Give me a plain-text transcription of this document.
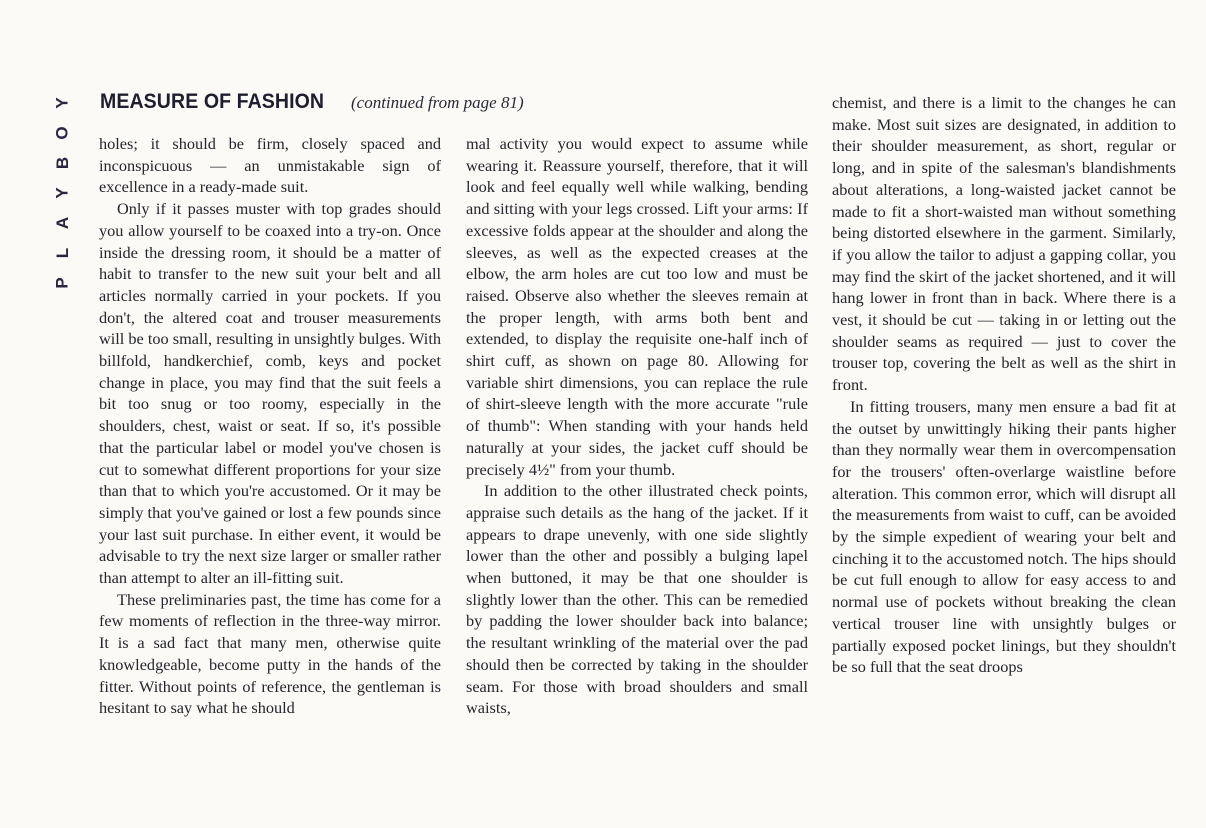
Y
O
B
Y
A
L
P
MEASURE OF FASHION (continued from page 81)

holes; it should be firm, closely spaced and inconspicuous — an unmistakable sign of excellence in a ready-made suit.

Only if it passes muster with top grades should you allow yourself to be coaxed into a try-on. Once inside the dressing room, it should be a matter of habit to transfer to the new suit your belt and all articles normally carried in your pockets. If you don't, the altered coat and trouser measurements will be too small, resulting in unsightly bulges. With billfold, handkerchief, comb, keys and pocket change in place, you may find that the suit feels a bit too snug or too roomy, especially in the shoulders, chest, waist or seat. If so, it's possible that the particular label or model you've chosen is cut to somewhat different proportions for your size than that to which you're accustomed. Or it may be simply that you've gained or lost a few pounds since your last suit purchase. In either event, it would be advisable to try the next size larger or smaller rather than attempt to alter an ill-fitting suit.

These preliminaries past, the time has come for a few moments of reflection in the three-way mirror. It is a sad fact that many men, otherwise quite knowledgeable, become putty in the hands of the fitter. Without points of reference, the gentleman is hesitant to say what he should

mal activity you would expect to assume while wearing it. Reassure yourself, therefore, that it will look and feel equally well while walking, bending and sitting with your legs crossed. Lift your arms: If excessive folds appear at the shoulder and along the sleeves, as well as the expected creases at the elbow, the arm holes are cut too low and must be raised. Observe also whether the sleeves remain at the proper length, with arms both bent and extended, to display the requisite one-half inch of shirt cuff, as shown on page 80. Allowing for variable shirt dimensions, you can replace the rule of shirt-sleeve length with the more accurate "rule of thumb": When standing with your hands held naturally at your sides, the jacket cuff should be precisely 4½" from your thumb.

In addition to the other illustrated check points, appraise such details as the hang of the jacket. If it appears to drape unevenly, with one side slightly lower than the other and possibly a bulging lapel when buttoned, it may be that one shoulder is slightly lower than the other. This can be remedied by padding the lower shoulder back into balance; the resultant wrinkling of the material over the pad should then be corrected by taking in the shoulder seam. For those with broad shoulders and small waists,

chemist, and there is a limit to the changes he can make. Most suit sizes are designated, in addition to their shoulder measurement, as short, regular or long, and in spite of the salesman's blandishments about alterations, a long-waisted jacket cannot be made to fit a short-waisted man without something being distorted elsewhere in the garment. Similarly, if you allow the tailor to adjust a gapping collar, you may find the skirt of the jacket shortened, and it will hang lower in front than in back. Where there is a vest, it should be cut — taking in or letting out the shoulder seams as required — just to cover the trouser top, covering the belt as well as the shirt in front.

In fitting trousers, many men ensure a bad fit at the outset by unwittingly hiking their pants higher than they normally wear them in overcompensation for the trousers' often-overlarge waistline before alteration. This common error, which will disrupt all the measurements from waist to cuff, can be avoided by the simple expedient of wearing your belt and cinching it to the accustomed notch. The hips should be cut full enough to allow for easy access to and normal use of pockets without breaking the clean vertical trouser line with unsightly bulges or partially exposed pocket linings, but they shouldn't be so full that the seat droops
